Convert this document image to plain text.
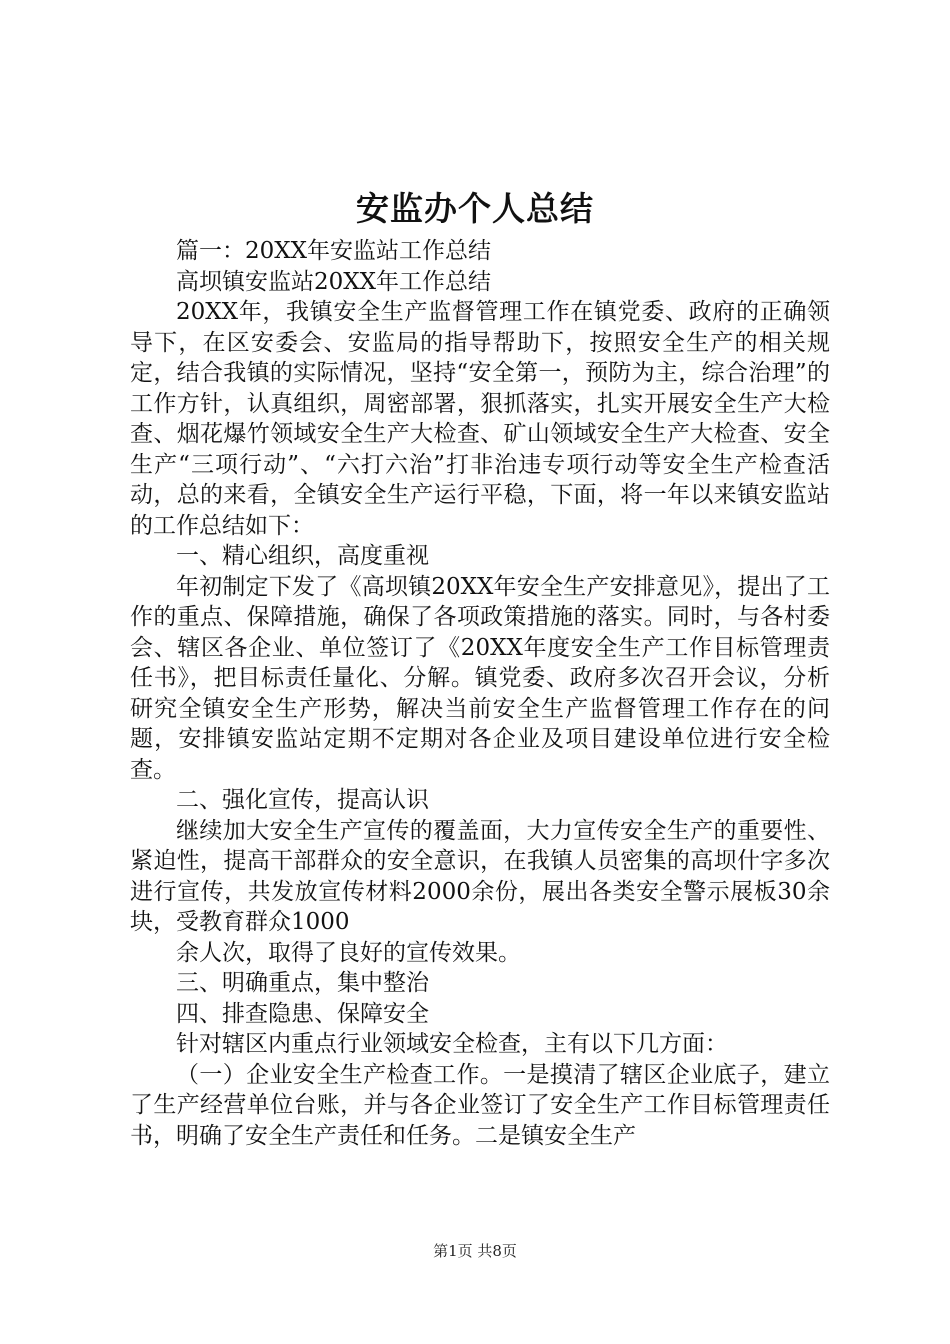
安监办个人总结

篇一：20XX年安监站工作总结

高坝镇安监站20XX年工作总结

20XX年，我镇安全生产监督管理工作在镇党委、政府的正确领导下，在区安委会、安监局的指导帮助下，按照安全生产的相关规定，结合我镇的实际情况，坚持“安全第一，预防为主，综合治理”的工作方针，认真组织，周密部署，狠抓落实，扎实开展安全生产大检查、烟花爆竹领域安全生产大检查、矿山领域安全生产大检查、安全生产“三项行动”、“六打六治”打非治违专项行动等安全生产检查活动，总的来看，全镇安全生产运行平稳，下面，将一年以来镇安监站的工作总结如下：

一、精心组织，高度重视

年初制定下发了《高坝镇20XX年安全生产安排意见》，提出了工作的重点、保障措施，确保了各项政策措施的落实。同时，与各村委会、辖区各企业、单位签订了《20XX年度安全生产工作目标管理责任书》，把目标责任量化、分解。镇党委、政府多次召开会议，分析研究全镇安全生产形势，解决当前安全生产监督管理工作存在的问题，安排镇安监站定期不定期对各企业及项目建设单位进行安全检查。

二、强化宣传，提高认识

继续加大安全生产宣传的覆盖面，大力宣传安全生产的重要性、紧迫性，提高干部群众的安全意识，在我镇人员密集的高坝什字多次进行宣传，共发放宣传材料2000余份，展出各类安全警示展板30余块，受教育群众1000

余人次，取得了良好的宣传效果。

三、明确重点，集中整治

四、排查隐患、保障安全

针对辖区内重点行业领域安全检查，主有以下几方面：

（一）企业安全生产检查工作。一是摸清了辖区企业底子，建立了生产经营单位台账，并与各企业签订了安全生产工作目标管理责任书，明确了安全生产责任和任务。二是镇安全生产

第1页 共8页
